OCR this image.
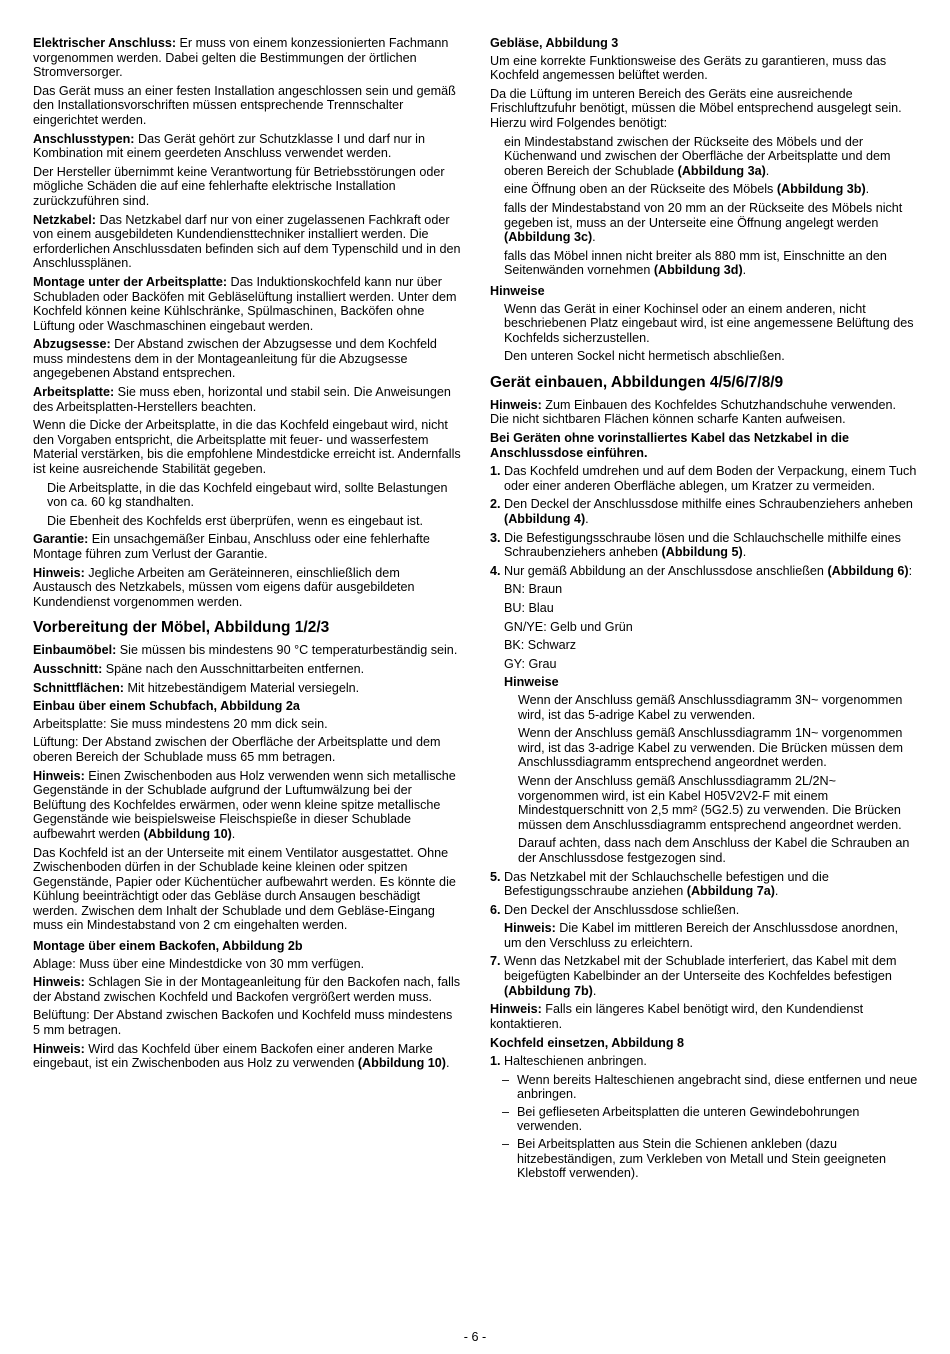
Elektrischer Anschluss: Er muss von einem konzessionierten Fachmann vorgenommen werden. Dabei gelten die Bestimmungen der örtlichen Stromversorger.

Das Gerät muss an einer festen Installation angeschlossen sein und gemäß den Installationsvorschriften müssen entsprechende Trennschalter eingerichtet werden.

Anschlusstypen: Das Gerät gehört zur Schutzklasse I und darf nur in Kombination mit einem geerdeten Anschluss verwendet werden.

Der Hersteller übernimmt keine Verantwortung für Betriebsstörungen oder mögliche Schäden die auf eine fehlerhafte elektrische Installation zurückzuführen sind.

Netzkabel: Das Netzkabel darf nur von einer zugelassenen Fachkraft oder von einem ausgebildeten Kundendiensttechniker installiert werden. Die erforderlichen Anschlussdaten befinden sich auf dem Typenschild und in den Anschlussplänen.

Montage unter der Arbeitsplatte: Das Induktionskochfeld kann nur über Schubladen oder Backöfen mit Gebläselüftung installiert werden. Unter dem Kochfeld können keine Kühlschränke, Spülmaschinen, Backöfen ohne Lüftung oder Waschmaschinen eingebaut werden.

Abzugsesse: Der Abstand zwischen der Abzugsesse und dem Kochfeld muss mindestens dem in der Montageanleitung für die Abzugsesse angegebenen Abstand entsprechen.

Arbeitsplatte: Sie muss eben, horizontal und stabil sein. Die Anweisungen des Arbeitsplatten-Herstellers beachten.

Wenn die Dicke der Arbeitsplatte, in die das Kochfeld eingebaut wird, nicht den Vorgaben entspricht, die Arbeitsplatte mit feuer- und wasserfestem Material verstärken, bis die empfohlene Mindestdicke erreicht ist. Andernfalls ist keine ausreichende Stabilität gegeben.

Die Arbeitsplatte, in die das Kochfeld eingebaut wird, sollte Belastungen von ca. 60 kg standhalten.

Die Ebenheit des Kochfelds erst überprüfen, wenn es eingebaut ist.

Garantie: Ein unsachgemäßer Einbau, Anschluss oder eine fehlerhafte Montage führen zum Verlust der Garantie.

Hinweis: Jegliche Arbeiten am Geräteinneren, einschließlich dem Austausch des Netzkabels, müssen vom eigens dafür ausgebildeten Kundendienst vorgenommen werden.

Vorbereitung der Möbel, Abbildung 1/2/3

Einbaumöbel: Sie müssen bis mindestens 90 °C temperaturbeständig sein.

Ausschnitt: Späne nach den Ausschnittarbeiten entfernen.

Schnittflächen: Mit hitzebeständigem Material versiegeln.

Einbau über einem Schubfach, Abbildung 2a

Arbeitsplatte: Sie muss mindestens 20 mm dick sein.

Lüftung: Der Abstand zwischen der Oberfläche der Arbeitsplatte und dem oberen Bereich der Schublade muss 65 mm betragen.

Hinweis: Einen Zwischenboden aus Holz verwenden wenn sich metallische Gegenstände in der Schublade aufgrund der Luftumwälzung bei der Belüftung des Kochfeldes erwärmen, oder wenn kleine spitze metallische Gegenstände wie beispielsweise Fleischspieße in dieser Schublade aufbewahrt werden (Abbildung 10).

Das Kochfeld ist an der Unterseite mit einem Ventilator ausgestattet. Ohne Zwischenboden dürfen in der Schublade keine kleinen oder spitzen Gegenstände, Papier oder Küchentücher aufbewahrt werden. Es könnte die Kühlung beeinträchtigt oder das Gebläse durch Ansaugen beschädigt werden. Zwischen dem Inhalt der Schublade und dem Gebläse-Eingang muss ein Mindestabstand von 2 cm eingehalten werden.

Montage über einem Backofen, Abbildung 2b

Ablage: Muss über eine Mindestdicke von 30 mm verfügen.

Hinweis: Schlagen Sie in der Montageanleitung für den Backofen nach, falls der Abstand zwischen Kochfeld und Backofen vergrößert werden muss.

Belüftung: Der Abstand zwischen Backofen und Kochfeld muss mindestens 5 mm betragen.

Hinweis: Wird das Kochfeld über einem Backofen einer anderen Marke eingebaut, ist ein Zwischenboden aus Holz zu verwenden (Abbildung 10).

Gebläse, Abbildung 3

Um eine korrekte Funktionsweise des Geräts zu garantieren, muss das Kochfeld angemessen belüftet werden.

Da die Lüftung im unteren Bereich des Geräts eine ausreichende Frischluftzufuhr benötigt, müssen die Möbel entsprechend ausgelegt sein. Hierzu wird Folgendes benötigt:

ein Mindestabstand zwischen der Rückseite des Möbels und der Küchenwand und zwischen der Oberfläche der Arbeitsplatte und dem oberen Bereich der Schublade (Abbildung 3a).

eine Öffnung oben an der Rückseite des Möbels (Abbildung 3b).

falls der Mindestabstand von 20 mm an der Rückseite des Möbels nicht gegeben ist, muss an der Unterseite eine Öffnung angelegt werden (Abbildung 3c).

falls das Möbel innen nicht breiter als 880 mm ist, Einschnitte an den Seitenwänden vornehmen (Abbildung 3d).

Hinweise

Wenn das Gerät in einer Kochinsel oder an einem anderen, nicht beschriebenen Platz eingebaut wird, ist eine angemessene Belüftung des Kochfelds sicherzustellen.

Den unteren Sockel nicht hermetisch abschließen.

Gerät einbauen, Abbildungen 4/5/6/7/8/9

Hinweis: Zum Einbauen des Kochfeldes Schutzhandschuhe verwenden. Die nicht sichtbaren Flächen können scharfe Kanten aufweisen.

Bei Geräten ohne vorinstalliertes Kabel das Netzkabel in die Anschlussdose einführen.

1. Das Kochfeld umdrehen und auf dem Boden der Verpackung, einem Tuch oder einer anderen Oberfläche ablegen, um Kratzer zu vermeiden.
2. Den Deckel der Anschlussdose mithilfe eines Schraubenziehers anheben (Abbildung 4).
3. Die Befestigungsschraube lösen und die Schlauchschelle mithilfe eines Schraubenziehers anheben (Abbildung 5).
4. Nur gemäß Abbildung an der Anschlussdose anschließen (Abbildung 6):

BN: Braun

BU: Blau

GN/YE: Gelb und Grün

BK: Schwarz

GY: Grau

Hinweise

Wenn der Anschluss gemäß Anschlussdiagramm 3N~ vorgenommen wird, ist das 5-adrige Kabel zu verwenden.

Wenn der Anschluss gemäß Anschlussdiagramm 1N~ vorgenommen wird, ist das 3-adrige Kabel zu verwenden. Die Brücken müssen dem Anschlussdiagramm entsprechend angeordnet werden.

Wenn der Anschluss gemäß Anschlussdiagramm 2L/2N~ vorgenommen wird, ist ein Kabel H05V2V2-F mit einem Mindestquerschnitt von 2,5 mm² (5G2.5) zu verwenden. Die Brücken müssen dem Anschlussdiagramm entsprechend angeordnet werden.

Darauf achten, dass nach dem Anschluss der Kabel die Schrauben an der Anschlussdose festgezogen sind.

5. Das Netzkabel mit der Schlauchschelle befestigen und die Befestigungsschraube anziehen (Abbildung 7a).
6. Den Deckel der Anschlussdose schließen.

Hinweis: Die Kabel im mittleren Bereich der Anschlussdose anordnen, um den Verschluss zu erleichtern.

7. Wenn das Netzkabel mit der Schublade interferiert, das Kabel mit dem beigefügten Kabelbinder an der Unterseite des Kochfeldes befestigen (Abbildung 7b).

Hinweis: Falls ein längeres Kabel benötigt wird, den Kundendienst kontaktieren.

Kochfeld einsetzen, Abbildung 8

1. Halteschienen anbringen.
– Wenn bereits Halteschienen angebracht sind, diese entfernen und neue anbringen.
– Bei geflieseten Arbeitsplatten die unteren Gewindebohrungen verwenden.
– Bei Arbeitsplatten aus Stein die Schienen ankleben (dazu hitzebeständigen, zum Verkleben von Metall und Stein geeigneten Klebstoff verwenden).
- 6 -
